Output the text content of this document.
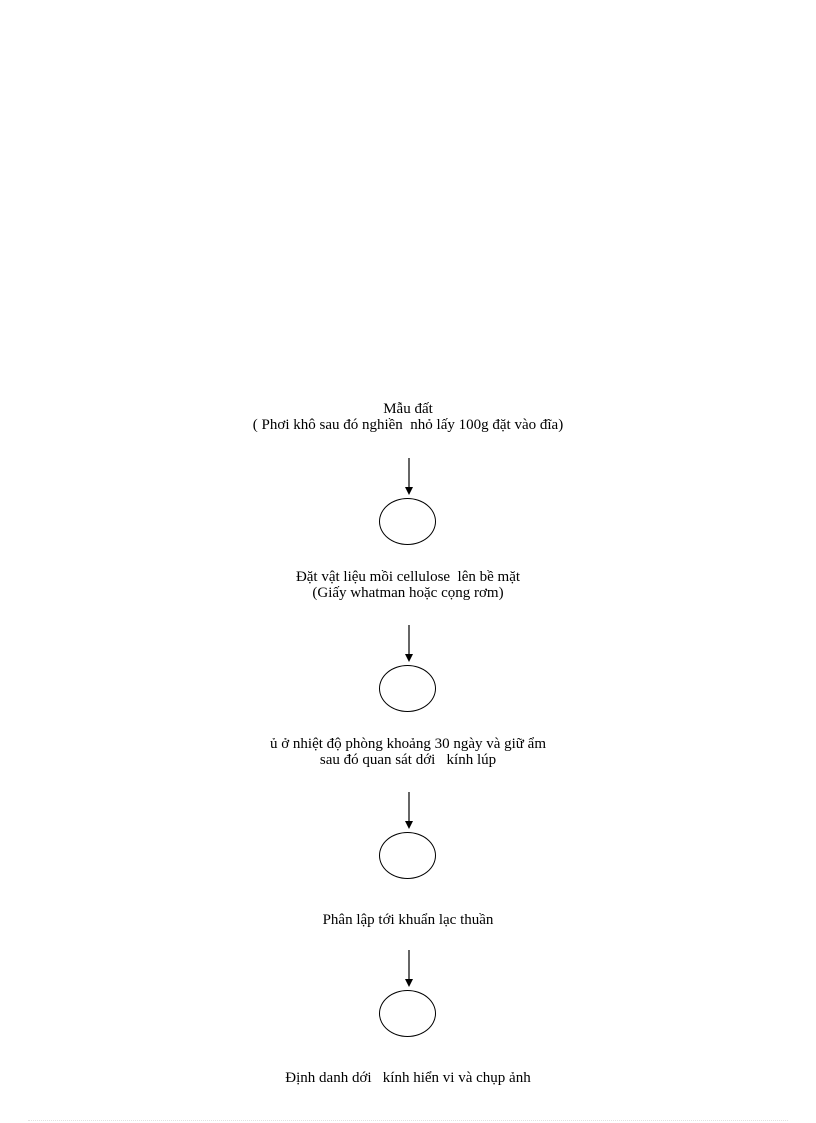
Mẫu đất
( Phơi khô sau đó nghiền  nhỏ lấy 100g đặt vào đĩa)
Đặt vật liệu mồi cellulose  lên bề mặt
(Giấy whatman hoặc cọng rơm)
ủ ở nhiệt độ phòng khoảng 30 ngày và giữ ẩm
sau đó quan sát dới   kính lúp
Phân lập tới khuẩn lạc thuần
Định danh dới   kính hiển vi và chụp ảnh
